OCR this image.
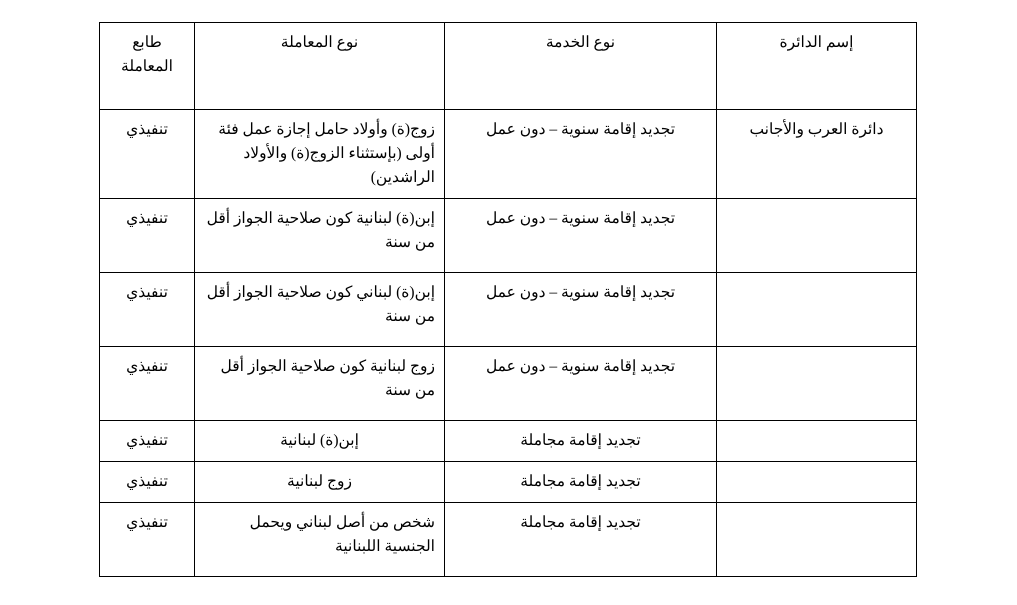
إسم الدائرة	نوع الخدمة	نوع المعاملة	طابع
المعاملة

دائرة العرب والأجانب	تجديد إقامة سنوية – دون عمل	زوج(ة) وأولاد حامل إجازة عمل فئة أولى (بإستثناء الزوج(ة) والأولاد الراشدين)	تنفيذي
	تجديد إقامة سنوية – دون عمل	إبن(ة) لبنانية كون صلاحية الجواز أقل من سنة	تنفيذي
	تجديد إقامة سنوية – دون عمل	إبن(ة) لبناني كون صلاحية الجواز أقل من سنة	تنفيذي
	تجديد إقامة سنوية – دون عمل	زوج لبنانية كون صلاحية الجواز أقل من سنة	تنفيذي
	تجديد إقامة مجاملة	إبن(ة) لبنانية	تنفيذي
	تجديد إقامة مجاملة	زوج لبنانية	تنفيذي
	تجديد إقامة مجاملة	شخص من أصل لبناني ويحمل الجنسية اللبنانية	تنفيذي
